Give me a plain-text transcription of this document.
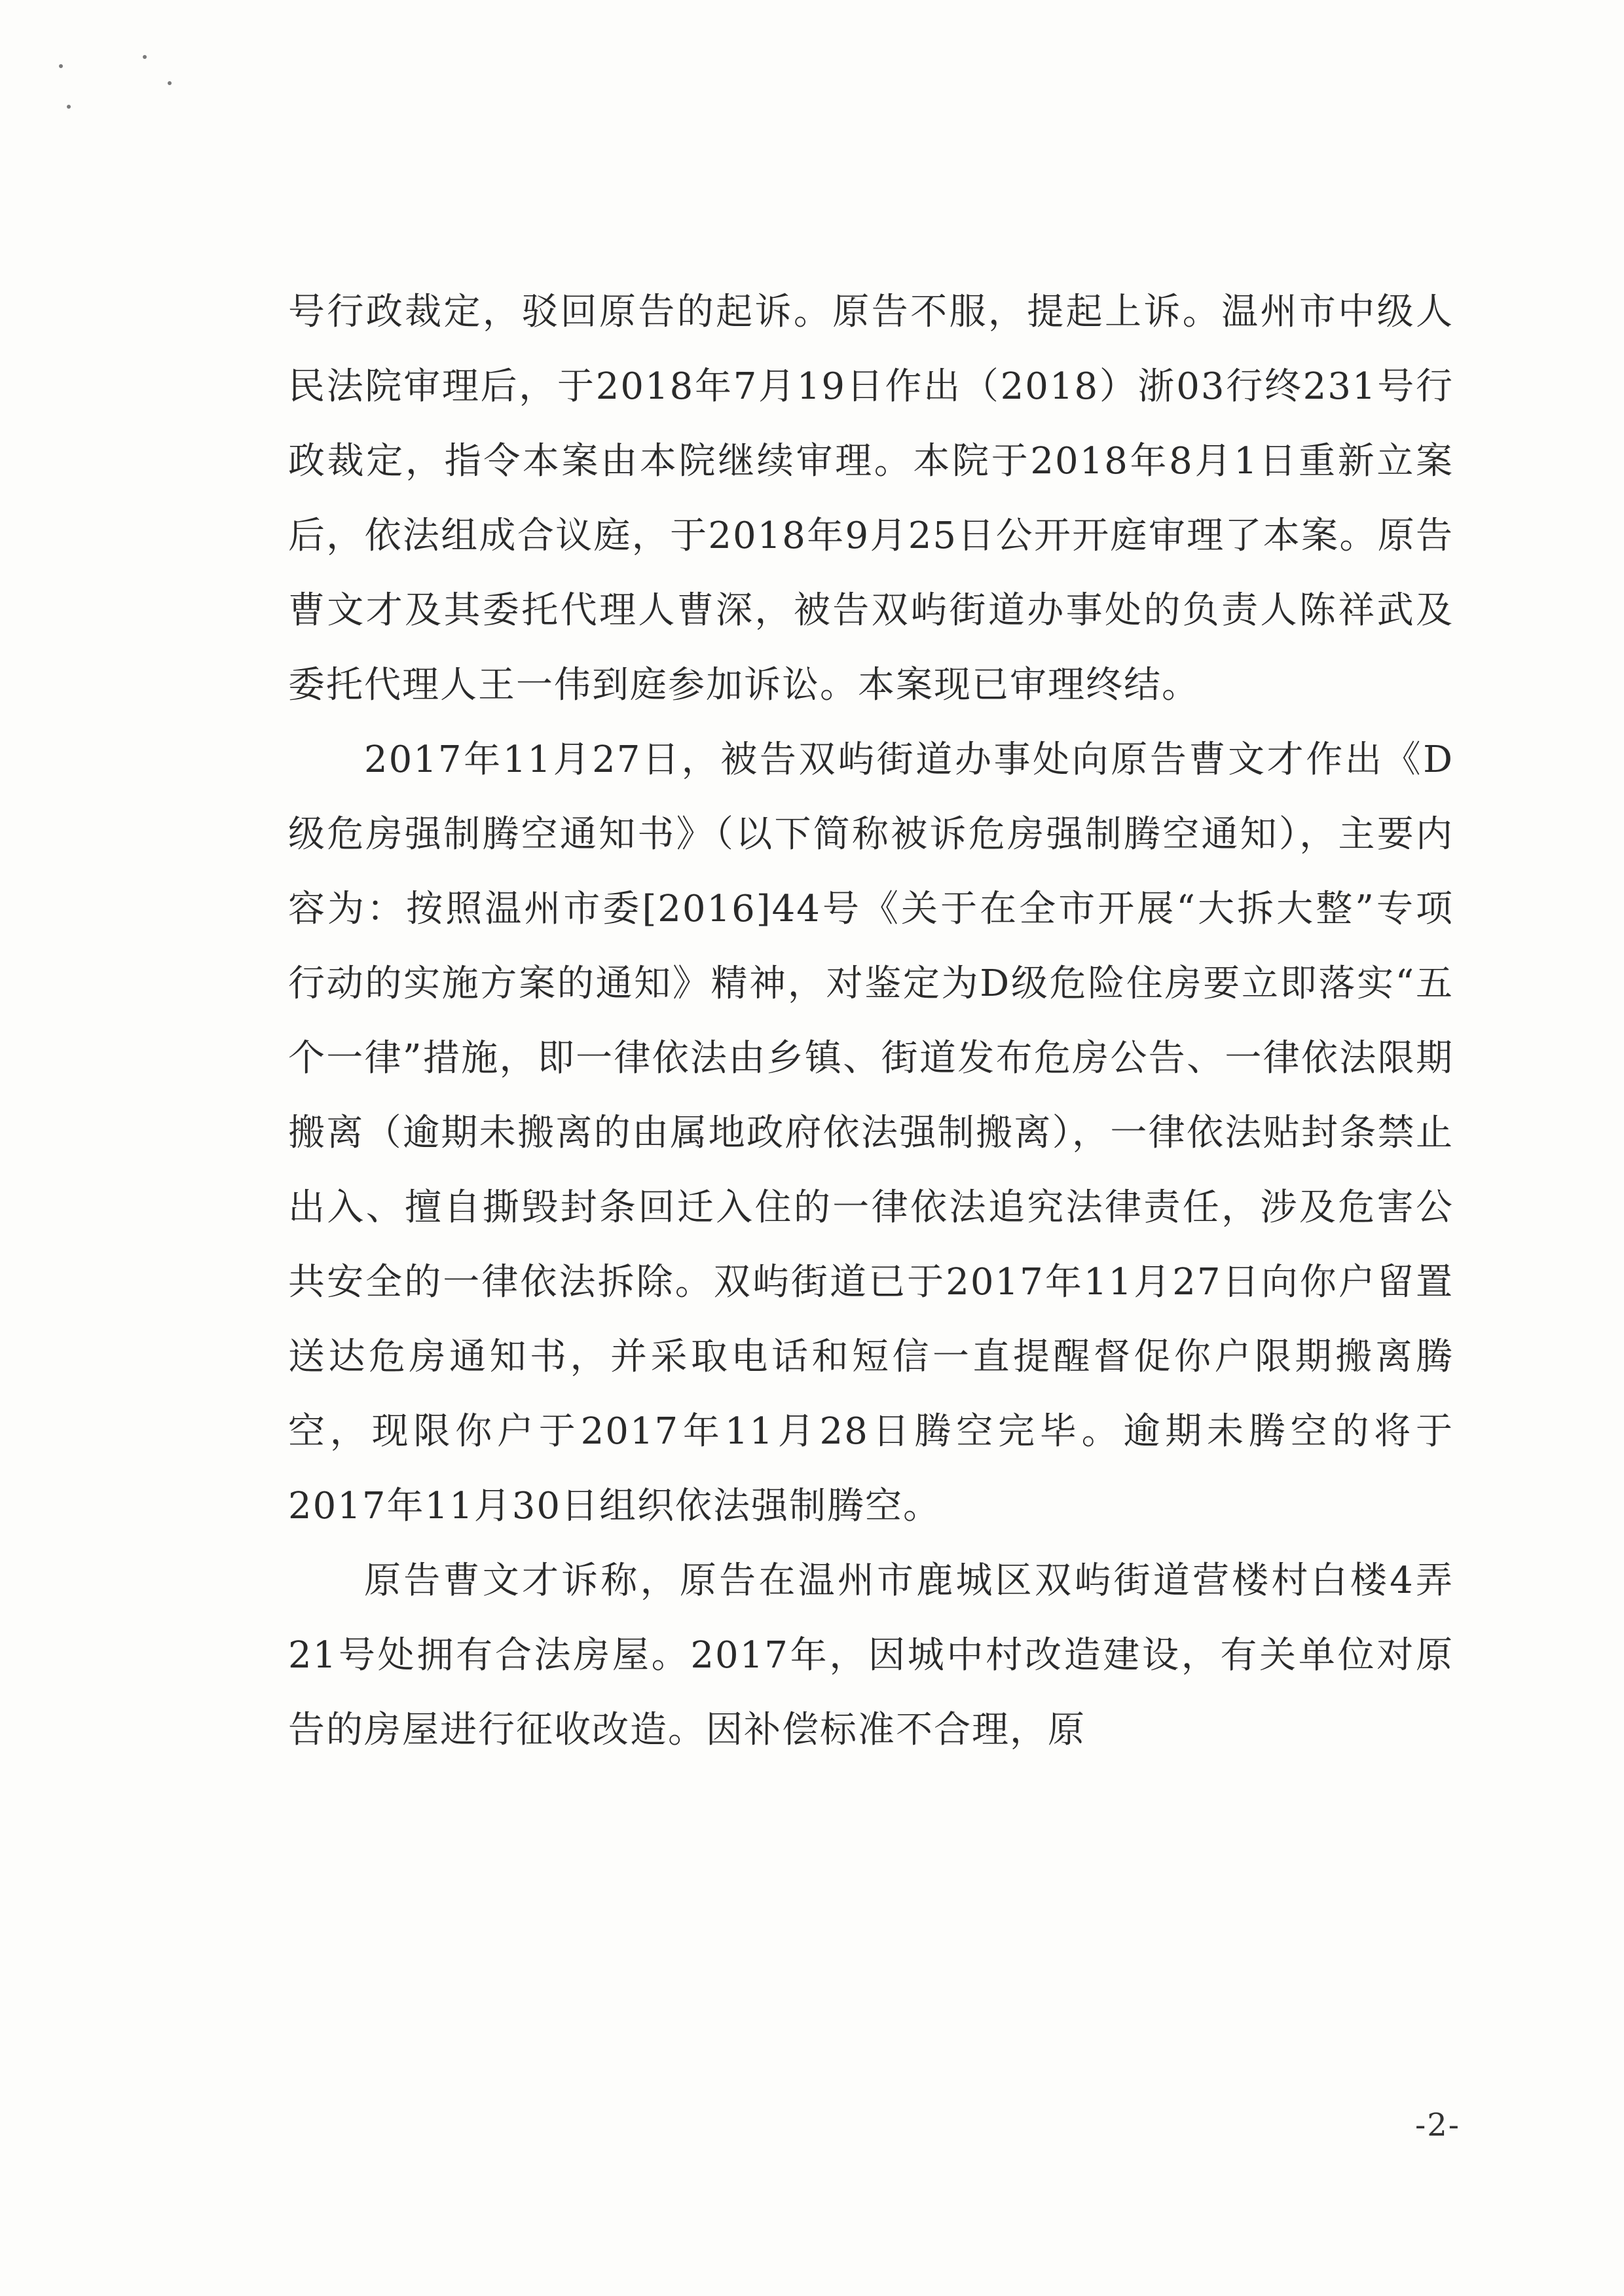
号行政裁定，驳回原告的起诉。原告不服，提起上诉。温州市中级人民法院审理后，于2018年7月19日作出（2018）浙03行终231号行政裁定，指令本案由本院继续审理。本院于2018年8月1日重新立案后，依法组成合议庭，于2018年9月25日公开开庭审理了本案。原告曹文才及其委托代理人曹深，被告双屿街道办事处的负责人陈祥武及委托代理人王一伟到庭参加诉讼。本案现已审理终结。

2017年11月27日，被告双屿街道办事处向原告曹文才作出《D级危房强制腾空通知书》（以下简称被诉危房强制腾空通知），主要内容为：按照温州市委[2016]44号《关于在全市开展“大拆大整”专项行动的实施方案的通知》精神，对鉴定为D级危险住房要立即落实“五个一律”措施，即一律依法由乡镇、街道发布危房公告、一律依法限期搬离（逾期未搬离的由属地政府依法强制搬离），一律依法贴封条禁止出入、擅自撕毁封条回迁入住的一律依法追究法律责任，涉及危害公共安全的一律依法拆除。双屿街道已于2017年11月27日向你户留置送达危房通知书，并采取电话和短信一直提醒督促你户限期搬离腾空，现限你户于2017年11月28日腾空完毕。逾期未腾空的将于2017年11月30日组织依法强制腾空。

原告曹文才诉称，原告在温州市鹿城区双屿街道营楼村白楼4弄21号处拥有合法房屋。2017年，因城中村改造建设，有关单位对原告的房屋进行征收改造。因补偿标准不合理，原

-2-
